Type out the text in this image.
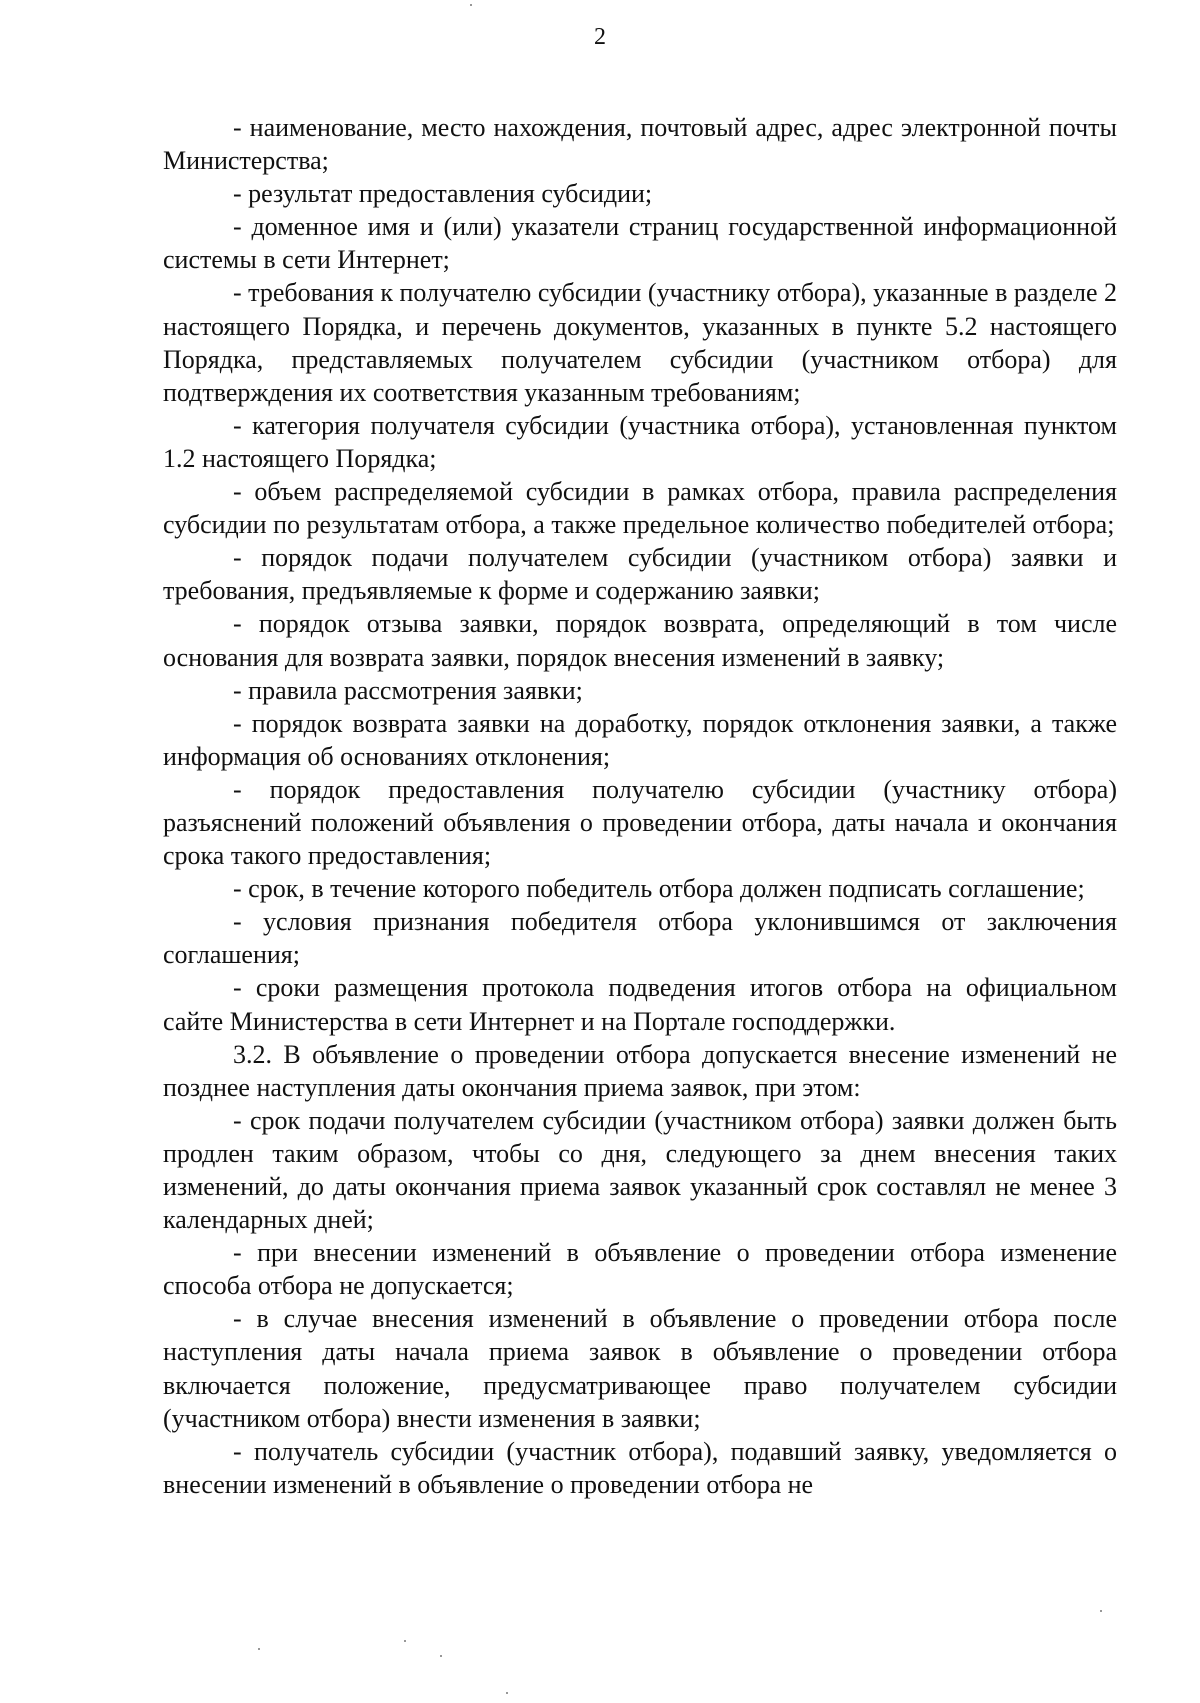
2

- наименование, место нахождения, почтовый адрес, адрес электронной почты Министерства;

- результат предоставления субсидии;

- доменное имя и (или) указатели страниц государственной информационной системы в сети Интернет;

- требования к получателю субсидии (участнику отбора), указанные в разделе 2 настоящего Порядка, и перечень документов, указанных в пункте 5.2 настоящего Порядка, представляемых получателем субсидии (участником отбора) для подтверждения их соответствия указанным требованиям;

- категория получателя субсидии (участника отбора), установленная пунктом 1.2 настоящего Порядка;

- объем распределяемой субсидии в рамках отбора, правила распределения субсидии по результатам отбора, а также предельное количество победителей отбора;

- порядок подачи получателем субсидии (участником отбора) заявки и требования, предъявляемые к форме и содержанию заявки;

- порядок отзыва заявки, порядок возврата, определяющий в том числе основания для возврата заявки, порядок внесения изменений в заявку;

- правила рассмотрения заявки;

- порядок возврата заявки на доработку, порядок отклонения заявки, а также информация об основаниях отклонения;

- порядок предоставления получателю субсидии (участнику отбора) разъяснений положений объявления о проведении отбора, даты начала и окончания срока такого предоставления;

- срок, в течение которого победитель отбора должен подписать соглашение;

- условия признания победителя отбора уклонившимся от заключения соглашения;

- сроки размещения протокола подведения итогов отбора на официальном сайте Министерства в сети Интернет и на Портале господдержки.

3.2. В объявление о проведении отбора допускается внесение изменений не позднее наступления даты окончания приема заявок, при этом:

- срок подачи получателем субсидии (участником отбора) заявки должен быть продлен таким образом, чтобы со дня, следующего за днем внесения таких изменений, до даты окончания приема заявок указанный срок составлял не менее 3 календарных дней;

- при внесении изменений в объявление о проведении отбора изменение способа отбора не допускается;

- в случае внесения изменений в объявление о проведении отбора после наступления даты начала приема заявок в объявление о проведении отбора включается положение, предусматривающее право получателем субсидии (участником отбора) внести изменения в заявки;

- получатель субсидии (участник отбора), подавший заявку, уведомляется о внесении изменений в объявление о проведении отбора не
